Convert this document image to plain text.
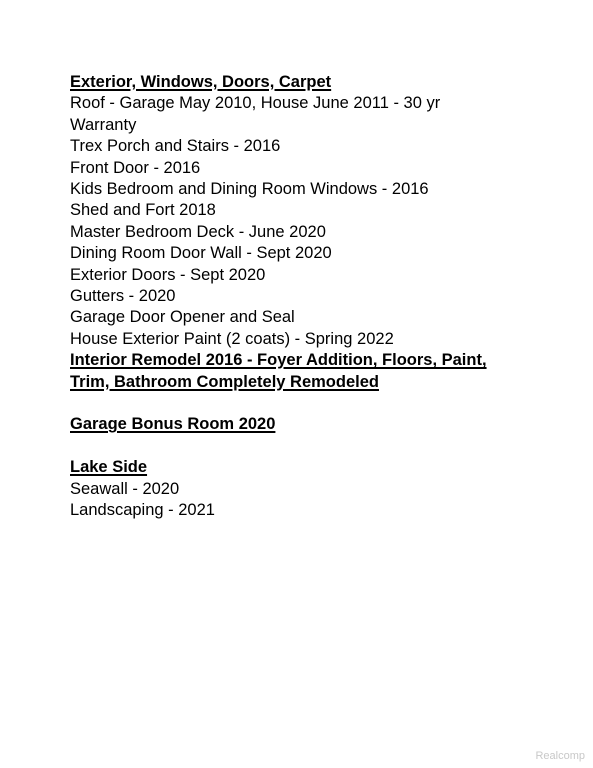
Exterior, Windows, Doors, Carpet

Roof - Garage May 2010, House June 2011 - 30 yr

Warranty

Trex Porch and Stairs - 2016

Front Door - 2016

Kids Bedroom and Dining Room Windows - 2016

Shed and Fort 2018

Master Bedroom Deck - June 2020

Dining Room Door Wall - Sept 2020

Exterior Doors - Sept 2020

Gutters - 2020

Garage Door Opener and Seal

House Exterior Paint (2 coats) - Spring 2022

Interior Remodel 2016 - Foyer Addition, Floors, Paint,

Trim, Bathroom Completely Remodeled

Garage Bonus Room 2020

Lake Side

Seawall - 2020

Landscaping - 2021

Realcomp
